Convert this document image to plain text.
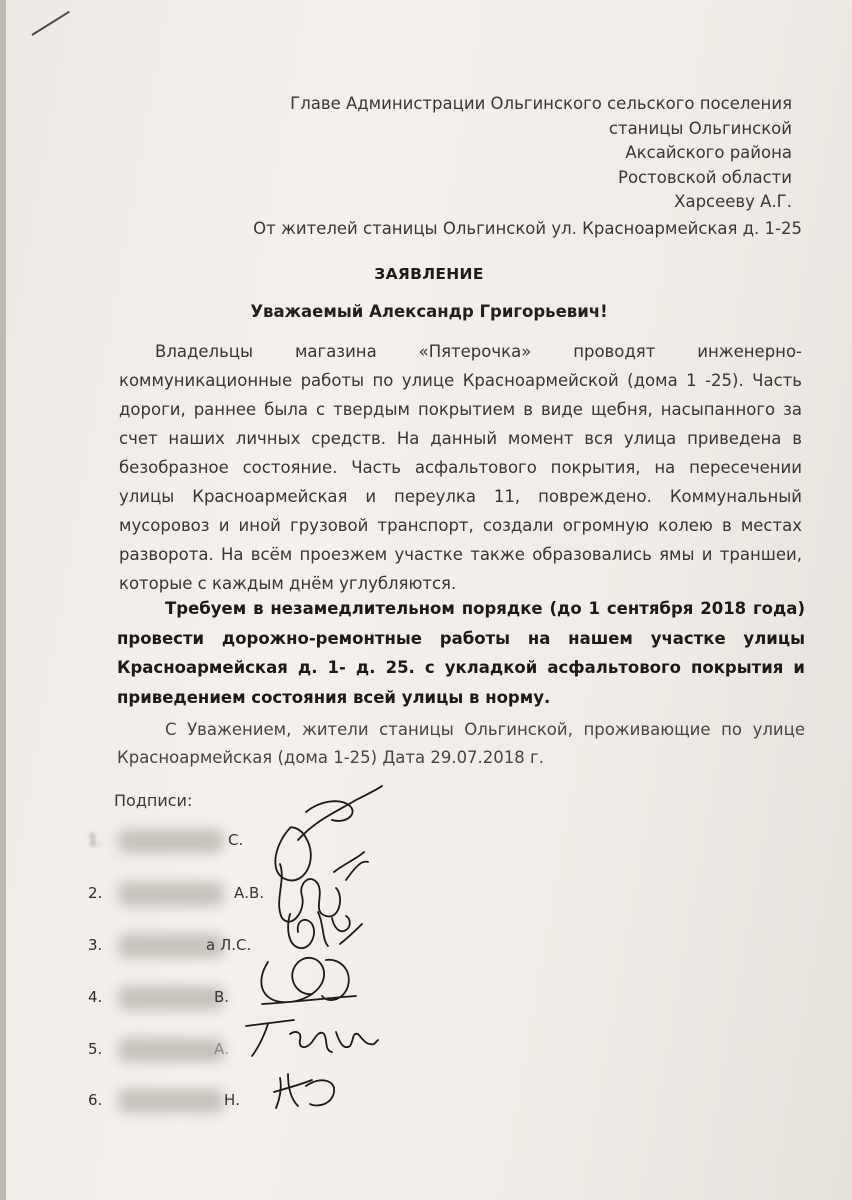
Главе Администрации Ольгинского сельского поселения
станицы Ольгинской
Аксайского района
Ростовской области
Харсееву А.Г.
От жителей станицы Ольгинской ул. Красноармейская д. 1-25
ЗАЯВЛЕНИЕ
Уважаемый Александр Григорьевич!

Владельцы магазина «Пятерочка» проводят инженерно-коммуникационные работы по улице Красноармейской (дома 1 -25). Часть дороги, раннее была с твердым покрытием в виде щебня, насыпанного за счет наших личных средств. На данный момент вся улица приведена в безобразное состояние. Часть асфальтового покрытия, на пересечении улицы Красноармейская и переулка 11, повреждено. Коммунальный мусоровоз и иной грузовой транспорт, создали огромную колею в местах разворота. На всём проезжем участке также образовались ямы и траншеи, которые с каждым днём углубляются.

Требуем в незамедлительном порядке (до 1 сентября 2018 года) провести дорожно-ремонтные работы на нашем участке улицы Красноармейская д. 1- д. 25. с укладкой асфальтового покрытия и приведением состояния всей улицы в норму.

С Уважением, жители станицы Ольгинской, проживающие по улице Красноармейская (дома 1-25) Дата 29.07.2018 г.

Подписи:
1.	С.
2.	А.В.
3.	а Л.С.
4.	В.
5.	А.
6.	Н.
